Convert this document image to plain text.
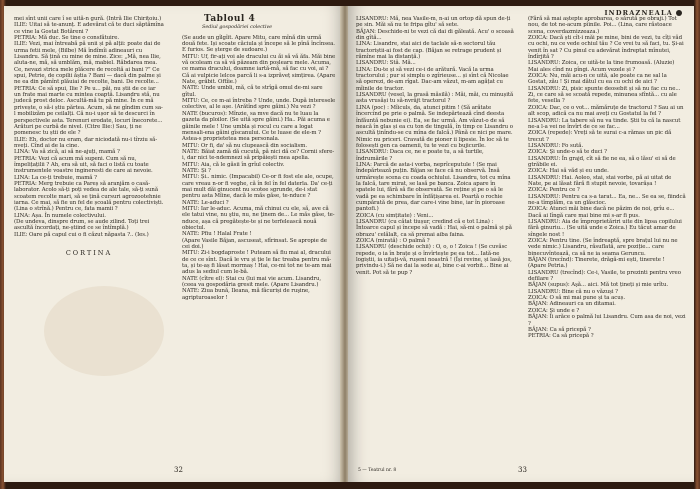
mei sînt unii care î se uită-n gură. (Intră Ilie Chirițoiu.)

ILIE: Uitai să te-anunț. E adevărat că te duci săptămîna ce vine la Gostat Botăreni ?

PETRIA: Mă duc. Se tine o consfătuire.

ILIE: Vezi, mai întreabă pă unii și pă alții: poate dai de urma fetii mele, (Bilbe) Mă îndîmîi adineauri cu Lisandru. Să țină cu mine de mine. Zice: „Mă, nea Ilie, aluta-ne, mă, să umblăm, mă, mabiel. Răbdarea mea. Ce, nevazi strica mele plăcere de recoltă ai bani ?” Ce spui, Petrie, de copilii ăștia ? Bani — dacă din palme și ne ea din pămînt plăuiai de recolte, bani. De recolte...

PETRIA: Ce să spui, Ilie ? Pe u... păi, nu știi de ce iar un frate mai marte cu mintea coaptă. Lisandru stă, nu judecă prost deloc. Ascultă-mă tu pă mine. În ce mă privește, o să-i știu părtea. Acum, să ne gîndim cum sa-l mobilizăm pe ceilalți. Că nu-i ușor să te descurci în perspectivele asta. Terenuri erodate, locuri înecorete... Arături pe curbă de nivel. (Citre Ilie:) Sau, ți ne pomenesc tu știi de ele ?

ILIE: Eh, doctor nu eram, dar niciodată nu-i tîrziu să-nveți. Cînd ai de la cine.

LINA: Va să zică, ai să ne-ajuți, mamă ?

PETRIA: Vezi că acum mă supeni. Cum să nu, împelițațilii ? Ah, era să uit, să faci o listă cu toate instrumentele voastre ingineresti de care ai nevoie.

LINA: La ce-ți trebuie, mamă ?

PETRIA: Merg trebuie ca Pareș să aranjăm o casă-laborator. Acolo să-ți poți vedea de ale tale, să-ți sună scoatem recolte mari, să se țină cursuri agrozootehnie iarna. Ce mai, să fie un fel de școală pentru colectiviști. (Lina o strînă.) Pentru ce, fata mamii ?

LINA: Așa. În numele colectivului.

(De undeva, dinspre drum, se aude zilind. Toți trei ascultă încordați, ne-știind ce se întîmplă.)

ILIE: Oare pă capul cui o fi căzut năpasta ?.. (Ies.)

CORTINA
Tabloul 4
Sediul gospodăriei colective

(Se aude un gîlgîit. Apare Mitu, care mînă din urmă două fete. Iși scoate căciula și începe să le pînă încînsea. E furios. Se șterge de sudoare.)

MITU: Uf, fir-ați voi ale dracului cu ăi să vă ăfa. Măi bine vă ocoleam ca să vă păzeam din poșlearu mele. Acuma, ce mama dracului, doamne iartă-mă, să fac cu voi, ai ? Că ai vulpicie lelcos parcă li s-a izprăveț simțirea. (Apare Nate, grăbit. Oftîie.)

NATE: Unde umbli, mă, că te strîgă omul de-mi sare gîtul.

MITU: Ce, ce m-ai întreba ? Unde, unde. După interesele colective, al le așe. (Arătînd spre găini.) Nu vezi ?

NATE (bucuros): Mînzie, sa mve dacă nu te luau la gazeta da ploilor. (Se uită spre găini.) Ha.. Păi acuma e găinile mele ! Une umbla și rocul cu care a logat mensali-ena găini gîscanului. Ce te luase de ele-m ? Astea-s proprietetea mea personala.

MITU: Or fi, da' să nu clupească din socialism.

NATE: Băiat zamă dă cucută, pă nici dă ce? Cornii sfere-i, dar nici te-ndemnezi să pripăiești mea apelia.

MITU: Aia, că le găsii în grîul colectiv.

NATE: Și ?

MITU: Și.. nimic. (Impacabil) Ce-or fi fost ele ale, ocupe, care vreau n-or fi veghe, că în fel în fel daterla. Da' ce-ți mai mult dăi ginucent nu scotee sgrunde, de-i stat pentru asta Mîine, dacă le măs găse, te-nduce ?

NATE: Le-aduci ?

MITU: Iar le-aduc. Acuma, mă chinui cu ele, să, ave că ele tatui vine, nu ştiu, nu, ne ţinem de... Le măs găse, te-nduce, așa că pregătește-te și ne terfelească nouă obiectul.

NATE: Pfiu ! Halal Frate !

(Apare Vasile Băjan, ascuseat, sfîrinsat. Se apropie de cei doi.)

MITU: Zi-i bogdaproste ! Puteam să fiu mai al, dracului de ce ce sînt. Dacă le vru și ție le fac treaba pentru mă-ta, și te-aș fi lăsat mormaș ! Hai, ce-mi tot ne te-am mai adus la sediul cum le-bă.

NATE (cître el): Stai cu (lui mai vie acum. Lisandru, (ceea va gospodăria gresit mele. (Apare Lisandru.)

NATE: Ziua bună, Ileana, mă fâcuriși de ruşine, agripturoaselor !

32
INDRAZNEALA

LISANDRU: Mă, nea Vasile-m, n-ai un ortop dă spun de-ți pe sin. Măi să nu te fripa gîtu' să sete.

BĂJAN: Deschide-ni te vezi că dai di găleată. Acu' o scoasă din gîtă...

LINA: Lisandre, stai aici de taclale să-n sectorul tău tractoriștii-ai fost de cap. (Băjan se retrage prudent și rămîne mai la distanță.)

LISANDRU: Stă. Mă...

LINA: Du-te și să vezi ce-i de arătură. Vacă la urma tractorului ; pur si simplu o zgîrieuse... și sînt că Nicolae să operezi, de-am rîgat. Dac-am văzut, m-am agățat cu mîinile de tractor.

LISANDRU (vesel, la grasă măsilă) : Măi, măi, cu minușită asta vrusăși tu să-nvrăjt tractorul ?

LINA (poc) : Mîiculs, da, atunci pitim ! (Să arătate încercînd pe prie o palmă. Se indepărtează cînd deesta înfăuntă nebunie ei). Ea, se fac urmă. Am văzut-o de să neacă în glas și ea cu ton de tingulă, în timp ce Lisandru o ascultă ținîndu-se cu mîna de falcă.) Până ce nici pe mare. Nimic nu priceri. Cravată de pioner ii lipesie. În loc să te folosești gen ca oamenii, tu te vezi cu bujicurile.

LISANDRU: Daca ce, ne e poate tu, a să turtile, îndrumările ?

LINA: Parcă de asta-i vorba, neprîceputule ! (Se mai îndepărtează puțin. Băjan se face că nu observă. Însă urmărește scena cu coada ochiului. Lisandru, tot cu mîna la falcă, tare mirat, se lasă pe banca. Zoica apare în spatele lui, fără să fie observată. Se reține și pe o să le vadă pe ea schimbare în înfățișarea ei. Poartă o rochie cumpărată de prea, dar care-i vine bine, iar în pioroase pantofi.)

ZOICA (cu simțitate) : Veni...

LISANDRU (cu cătat tiușur, credind că e tot Lina) : Întoarce capul și începe să vadă : Hai, să-mi o palmă și pă obrazu' celălalt, ca să premai aiba faina.

ZOICA (mirată) : O palmă ?

LISANDRU (deschide ochii) : O, o, o ! Zoica ! (Se cuvăsc repede, o ia în brațe și o învîrtește pe ea tot... Iată-ne logiștii, ia uitați-vă, rușeni noastră ! (Își revine, și lasă jos, privindu-i.) Să ne dai la sede ai, bine c-ai vorbit... Bine ai venit. Pot să te pup ?

(Fără să mai aștepte aprobarea, o sărută pe obraji.) Tot nou, de tot ne-acum pîinile. Poi... (Lina, care răstoace scena, coverdazmizzeaza.)

ZOICA: Dacă ști cît-i măi pe mine, bini de vezi, tu cîți văd cu ochi, nu ce vede ochiul tău ? Ce vrei tu să faci, tu. Și-ai venit în sat ? Cu pinul cu adevărat îndreptat mînutei, îndîrjită ?

LISANDRU: Zoica, ce uită-te la tine frumoasă. (Aluzie) Mai ales cînd nu pîngi. Acum vezele și ?

ZOICA: Nu, măi acu-n ce uită, ale poate ca ne sal la Gostat, zău ! Și mai dătul cu ea cu ochi de aici ?

LISANDRU: Zi, pisic spunte deosebit și să nu fac cu ne... Zi, ce care să se scoată repede, minunea sfîntă... cu ale fete, vesella ?

ZOICA: Dac, ce o vot... mămăruțe de tractorul ? Sau ai un alt scop, adică ca nu mai aveți cu Gostatul la fel ?

LISANDRU: La tabere să nu va tinde. Știi tu că la nascut ne-a l-a vei ne învîrt de ce se fac...

ZOICA (repede): Vreți să te surai c-a rămas un pic dă trecut ?

LISANDRU: Fo sută.

ZOICA: Și unde-o să te duci ?

LISANDRU: În grajd, cît să fie ne ea, să o lăsu' ei să de gtrăbile ei.

ZOICA: Hai să văd și eu unde.

LISANDRU: Hai. Aoleo, stai, stai vorbe, pă ai uitat de Nate, pe ai lăsat fără fi stupit nevoie, tovarășa !

ZOICA: Pentru ce ?

LISANDRU: Pentru ca s-a tarat... Ea, ne... Se ea se, fiindcă ne-a tîmplăm, ca un glăscioc.

ZOICA: Atunci măi bine dacă ne păzim de noi, grîu e... Dacă ai lîngă care mai bine mi s-ar fi pus.

LISANDRU: Aia de împroprietăriri uite din lipsa copilului fără ginuriu... (Se uită unde e Zoica.) Eu tăcut amar de sîngele nost !

ZOICA: Pentru tine. (Se îndreaptă, spre brațul lui nu ne vede nimic.) Lisandru, răsuflată, are poziție... care binecuvîntează, ca să ne ia seama Geruncu.

BĂJAN (trecînd): Tinerete, drăgă-mi ești, tinerete !

(Apare Petria.)

LISANDRU (trecînd): Ce-i, Vasile, te prezinti pentru vreo defilare ?

BĂJAN (supus): Aşă... aici. Mă tot țineți și mie urîtu.

LISANDRU: Bine că nu o văzuși ?

ZOICA: O să mi mai pune și ta acuș.

BĂJAN: Adineauri ca un ditamai.

ZOICA: Și unde e ?

BĂJAN: Îi arăce o palmă lui Lisandru. Cum asa de noi, vezi ?

BĂJAN: Ca să pricepă ?

PETRIA: Ca să pricepă ?

5 — Teatrul nr. 8	33
